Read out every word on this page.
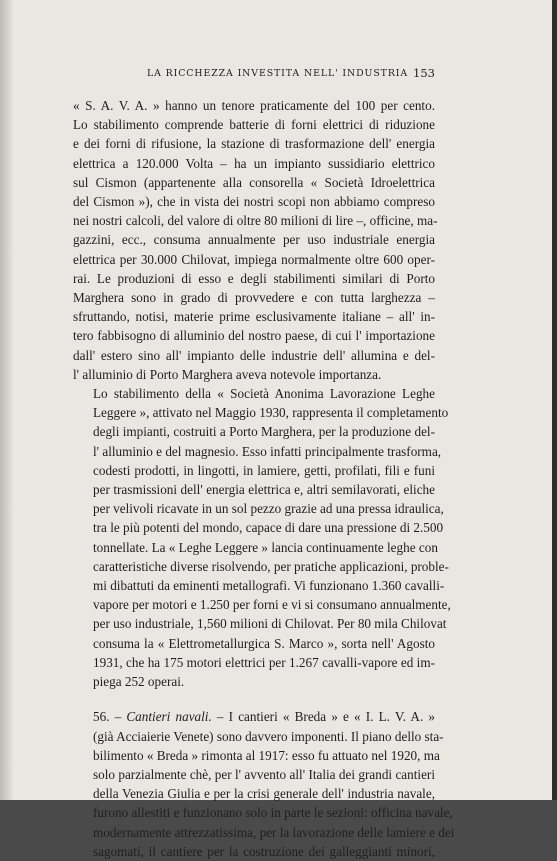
LA RICCHEZZA INVESTITA NELL' INDUSTRIA 153

« S. A. V. A. » hanno un tenore praticamente del 100 per cento.
Lo stabilimento comprende batterie di forni elettrici di riduzione
e dei forni di rifusione, la stazione di trasformazione dell' energia
elettrica a 120.000 Volta – ha un impianto sussidiario elettrico
sul Cismon (appartenente alla consorella « Società Idroelettrica
del Cismon »), che in vista dei nostri scopi non abbiamo compreso
nei nostri calcoli, del valore di oltre 80 milioni di lire –, officine, ma-
gazzini, ecc., consuma annualmente per uso industriale energia
elettrica per 30.000 Chilovat, impiega normalmente oltre 600 oper-
rai. Le produzioni di esso e degli stabilimenti similari di Porto
Marghera sono in grado di provvedere e con tutta larghezza –
sfruttando, notisi, materie prime esclusivamente italiane – all' in-
tero fabbisogno di alluminio del nostro paese, di cui l' importazione
dall' estero sino all' impianto delle industrie dell' allumina e del-
l' alluminio di Porto Marghera aveva notevole importanza.

Lo stabilimento della « Società Anonima Lavorazione Leghe
Leggere », attivato nel Maggio 1930, rappresenta il completamento
degli impianti, costruiti a Porto Marghera, per la produzione del-
l' alluminio e del magnesio. Esso infatti principalmente trasforma,
codesti prodotti, in lingotti, in lamiere, getti, profilati, fili e funi
per trasmissioni dell' energia elettrica e, altri semilavorati, eliche
per velivoli ricavate in un sol pezzo grazie ad una pressa idraulica,
tra le più potenti del mondo, capace di dare una pressione di 2.500
tonnellate. La « Leghe Leggere » lancia continuamente leghe con
caratteristiche diverse risolvendo, per pratiche applicazioni, proble-
mi dibattuti da eminenti metallografi. Vi funzionano 1.360 cavalli-
vapore per motori e 1.250 per forni e vi si consumano annualmente,
per uso industriale, 1,560 milioni di Chilovat. Per 80 mila Chilovat
consuma la « Elettrometallurgica S. Marco », sorta nell' Agosto
1931, che ha 175 motori elettrici per 1.267 cavalli-vapore ed im-
piega 252 operai.

56. – Cantieri navali. – I cantieri « Breda » e « I. L. V. A. »
(già Acciaierie Venete) sono davvero imponenti. Il piano dello sta-
bilimento « Breda » rimonta al 1917: esso fu attuato nel 1920, ma
solo parzialmente chè, per l' avvento all' Italia dei grandi cantieri
della Venezia Giulia e per la crisi generale dell' industria navale,
furono allestiti e funzionano solo in parte le sezioni: officina navale,
modernamente attrezzatissima, per la lavorazione delle lamiere e dei
sagomati, il cantiere per la costruzione dei galleggianti minori,
